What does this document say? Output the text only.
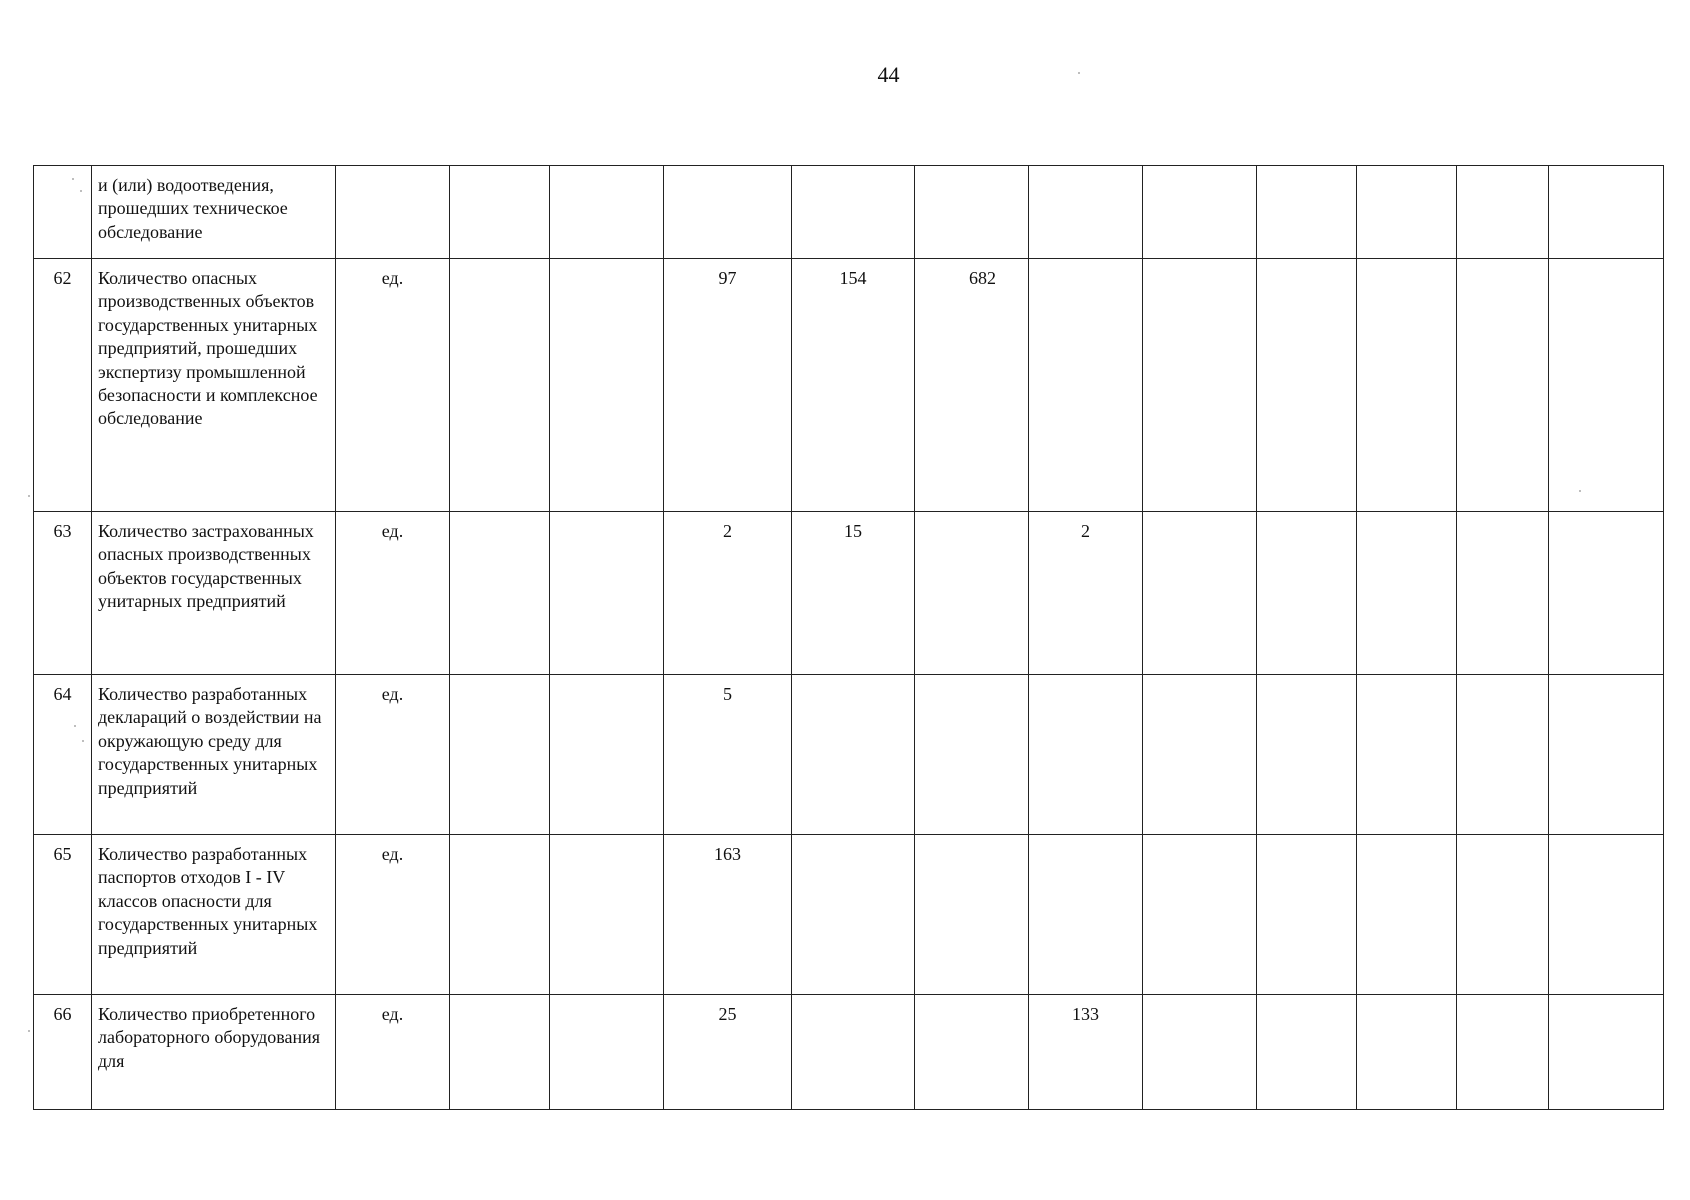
44
	и (или) водоотведения, прошедших техническое обследование												
62	Количество опасных производственных объектов государственных унитарных предприятий, прошедших экспертизу промышленной безопасности и комплексное обследование	ед.			97	154	682						
63	Количество застрахованных опасных производственных объектов государственных унитарных предприятий	ед.			2	15		2					
64	Количество разработанных деклараций о воздействии на окружающую среду для государственных унитарных предприятий	ед.			5								
65	Количество разработанных паспортов отходов I - IV классов опасности для государственных унитарных предприятий	ед.			163								
66	Количество приобретенного лабораторного оборудования для	ед.			25			133					
